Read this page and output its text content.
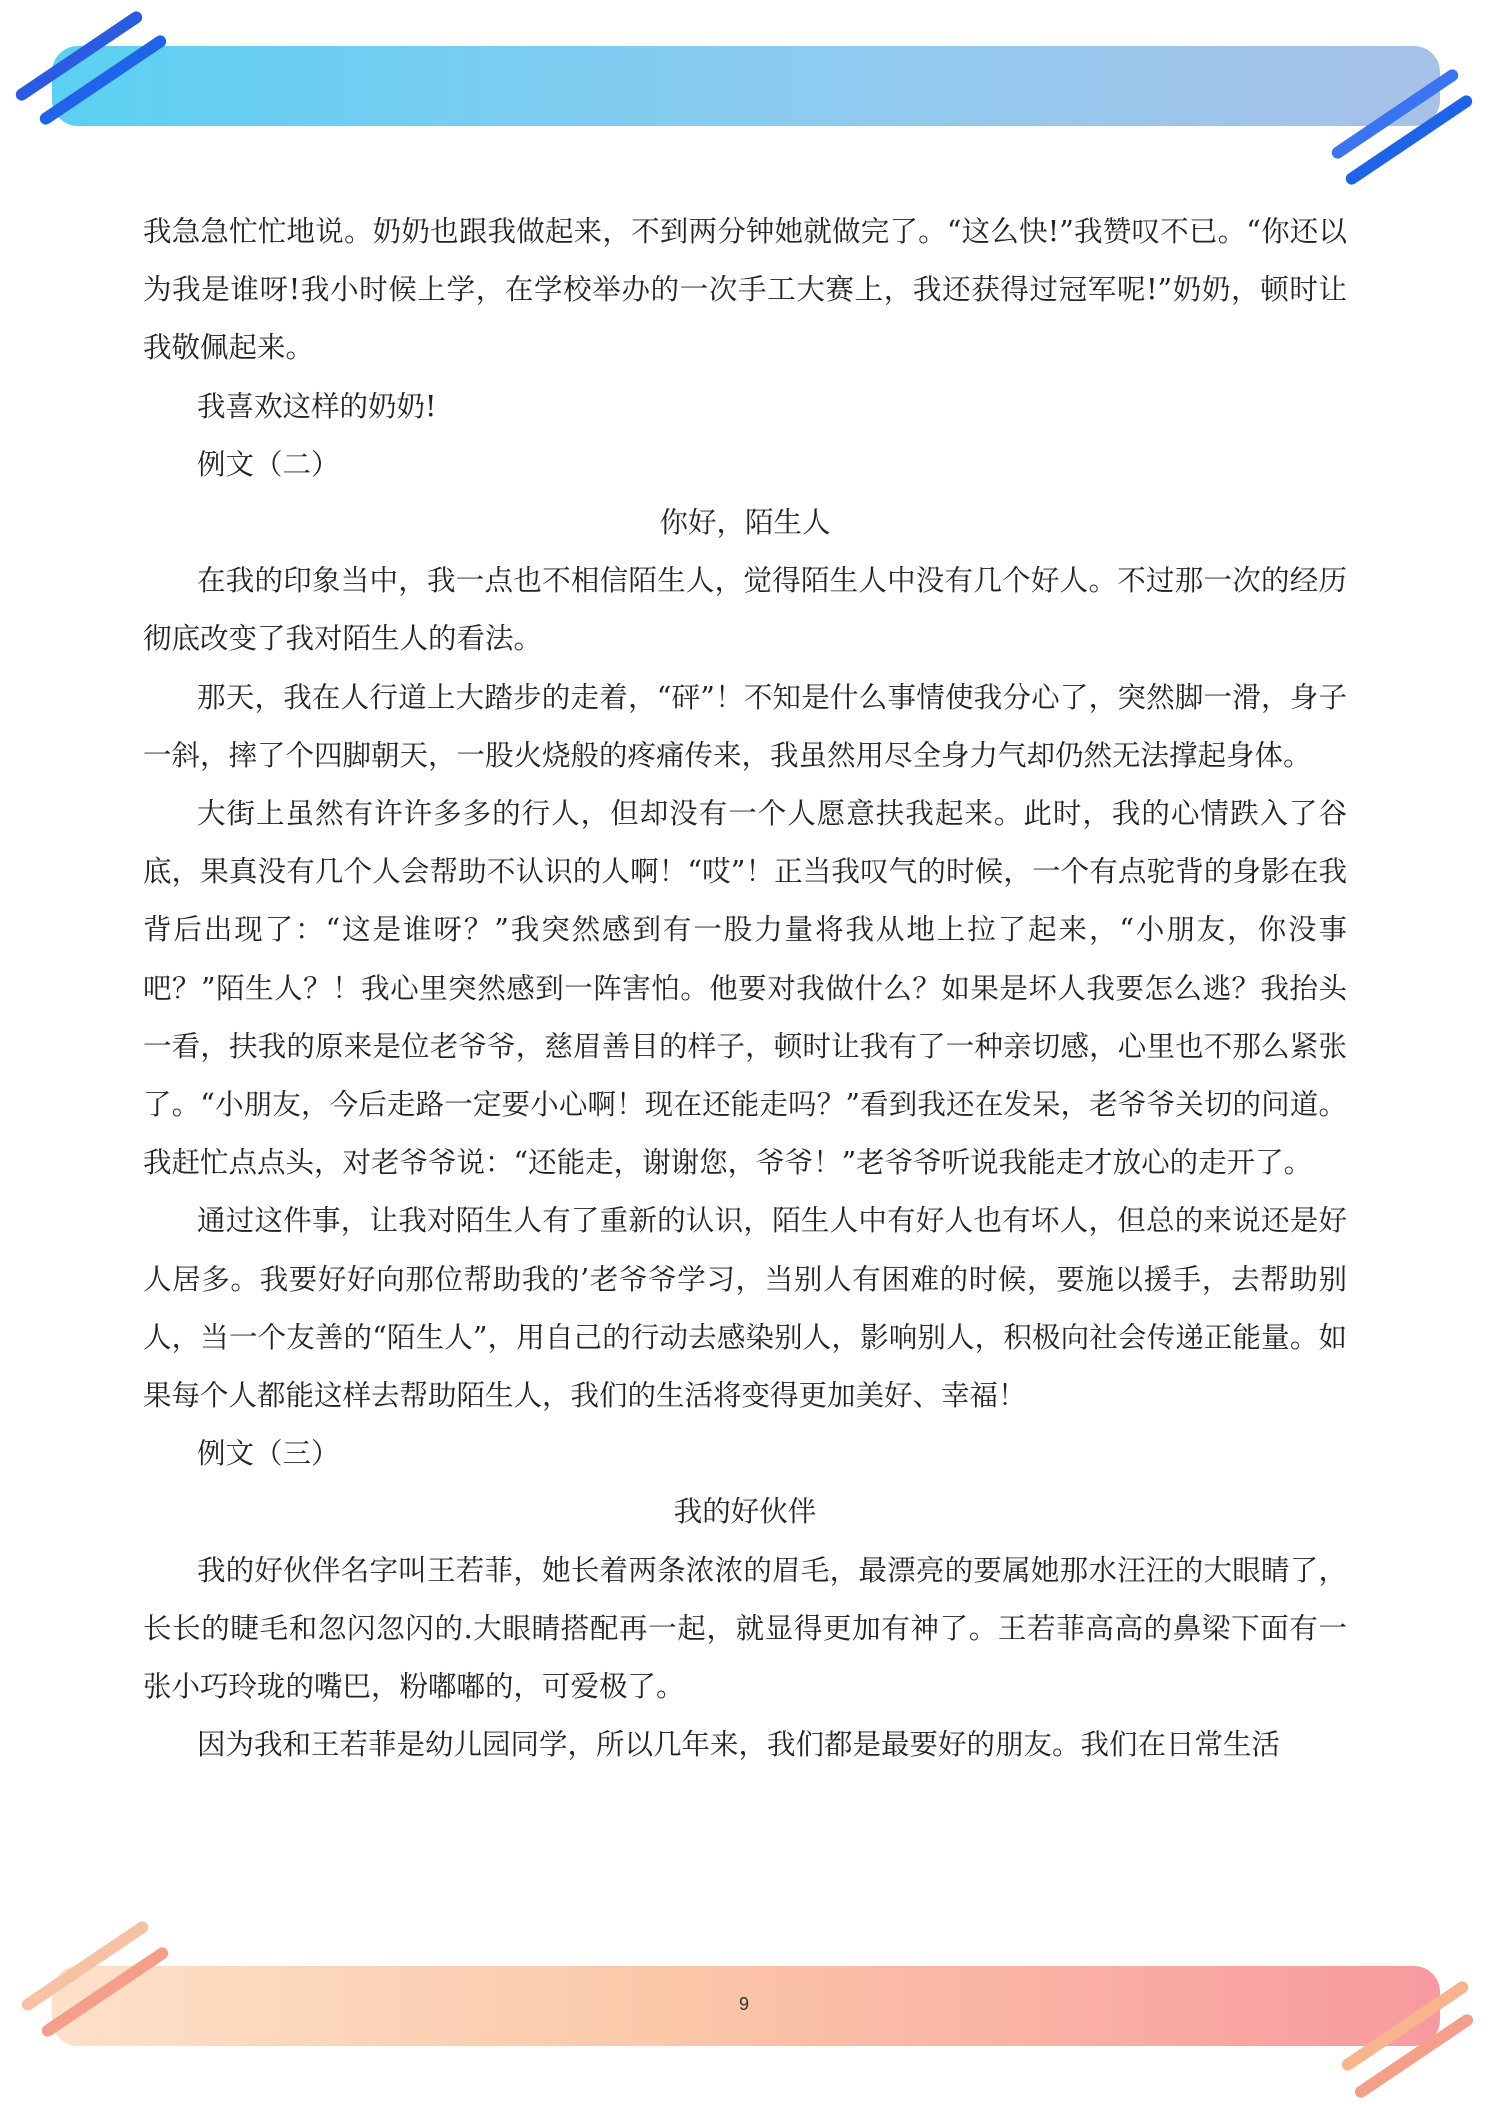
我急急忙忙地说。奶奶也跟我做起来，不到两分钟她就做完了。“这么快!”我赞叹不已。“你还以为我是谁呀!我小时候上学，在学校举办的一次手工大赛上，我还获得过冠军呢!”奶奶，顿时让我敬佩起来。

我喜欢这样的奶奶!

例文（二）

你好，陌生人

在我的印象当中，我一点也不相信陌生人，觉得陌生人中没有几个好人。不过那一次的经历彻底改变了我对陌生人的看法。

那天，我在人行道上大踏步的走着，“砰”！不知是什么事情使我分心了，突然脚一滑，身子一斜，摔了个四脚朝天，一股火烧般的疼痛传来，我虽然用尽全身力气却仍然无法撑起身体。

大街上虽然有许许多多的行人，但却没有一个人愿意扶我起来。此时，我的心情跌入了谷底，果真没有几个人会帮助不认识的人啊！“哎”！正当我叹气的时候，一个有点驼背的身影在我背后出现了：“这是谁呀？”我突然感到有一股力量将我从地上拉了起来，“小朋友，你没事吧？”陌生人？！我心里突然感到一阵害怕。他要对我做什么？如果是坏人我要怎么逃？我抬头一看，扶我的原来是位老爷爷，慈眉善目的样子，顿时让我有了一种亲切感，心里也不那么紧张了。“小朋友，今后走路一定要小心啊！现在还能走吗？”看到我还在发呆，老爷爷关切的问道。我赶忙点点头，对老爷爷说：“还能走，谢谢您，爷爷！”老爷爷听说我能走才放心的走开了。

通过这件事，让我对陌生人有了重新的认识，陌生人中有好人也有坏人，但总的来说还是好人居多。我要好好向那位帮助我的’老爷爷学习，当别人有困难的时候，要施以援手，去帮助别人，当一个友善的“陌生人”，用自己的行动去感染别人，影响别人，积极向社会传递正能量。如果每个人都能这样去帮助陌生人，我们的生活将变得更加美好、幸福！

例文（三）

我的好伙伴

我的好伙伴名字叫王若菲，她长着两条浓浓的眉毛，最漂亮的要属她那水汪汪的大眼睛了，长长的睫毛和忽闪忽闪的.大眼睛搭配再一起，就显得更加有神了。王若菲高高的鼻梁下面有一张小巧玲珑的嘴巴，粉嘟嘟的，可爱极了。

因为我和王若菲是幼儿园同学，所以几年来，我们都是最要好的朋友。我们在日常生活

9
